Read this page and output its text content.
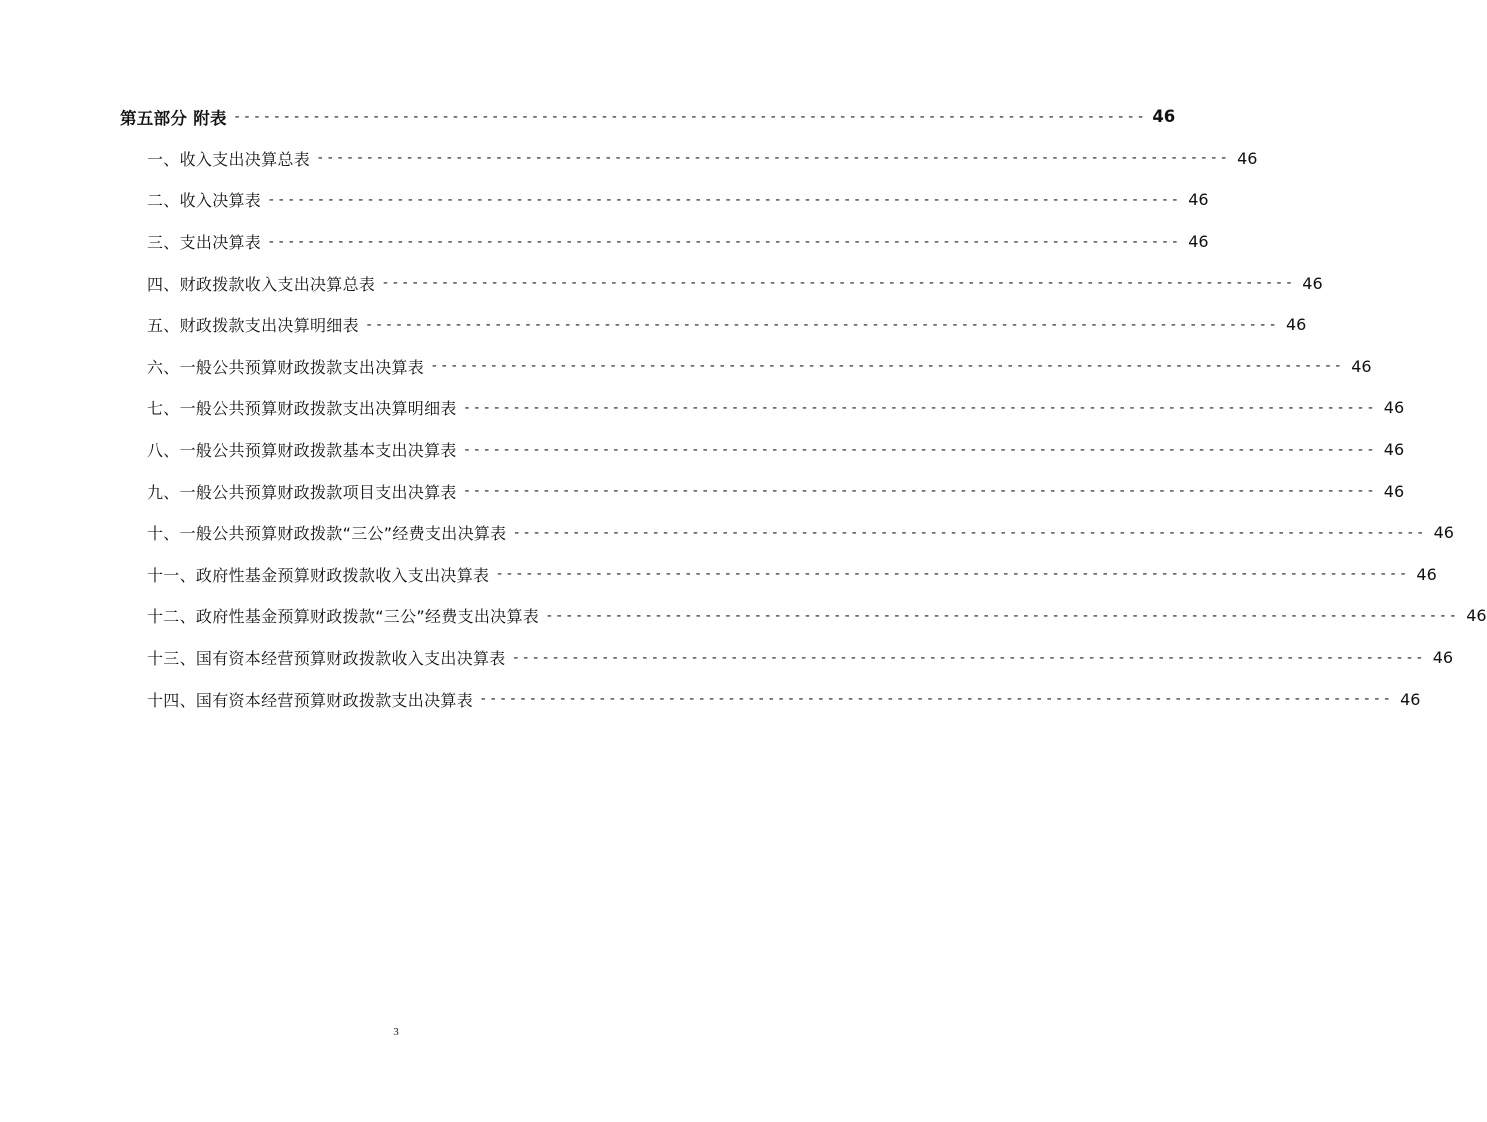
第五部分 附表 -------------------------------------------------------------------------------------------- 46
一、收入支出决算总表 -------------------------------------------------------------------------------------------- 46
二、收入决算表 -------------------------------------------------------------------------------------------- 46
三、支出决算表 -------------------------------------------------------------------------------------------- 46
四、财政拨款收入支出决算总表 -------------------------------------------------------------------------------------------- 46
五、财政拨款支出决算明细表 -------------------------------------------------------------------------------------------- 46
六、一般公共预算财政拨款支出决算表 -------------------------------------------------------------------------------------------- 46
七、一般公共预算财政拨款支出决算明细表 -------------------------------------------------------------------------------------------- 46
八、一般公共预算财政拨款基本支出决算表 -------------------------------------------------------------------------------------------- 46
九、一般公共预算财政拨款项目支出决算表 -------------------------------------------------------------------------------------------- 46
十、一般公共预算财政拨款“三公”经费支出决算表 -------------------------------------------------------------------------------------------- 46
十一、政府性基金预算财政拨款收入支出决算表 -------------------------------------------------------------------------------------------- 46
十二、政府性基金预算财政拨款“三公”经费支出决算表 -------------------------------------------------------------------------------------------- 46
十三、国有资本经营预算财政拨款收入支出决算表 -------------------------------------------------------------------------------------------- 46
十四、国有资本经营预算财政拨款支出决算表 -------------------------------------------------------------------------------------------- 46
3
